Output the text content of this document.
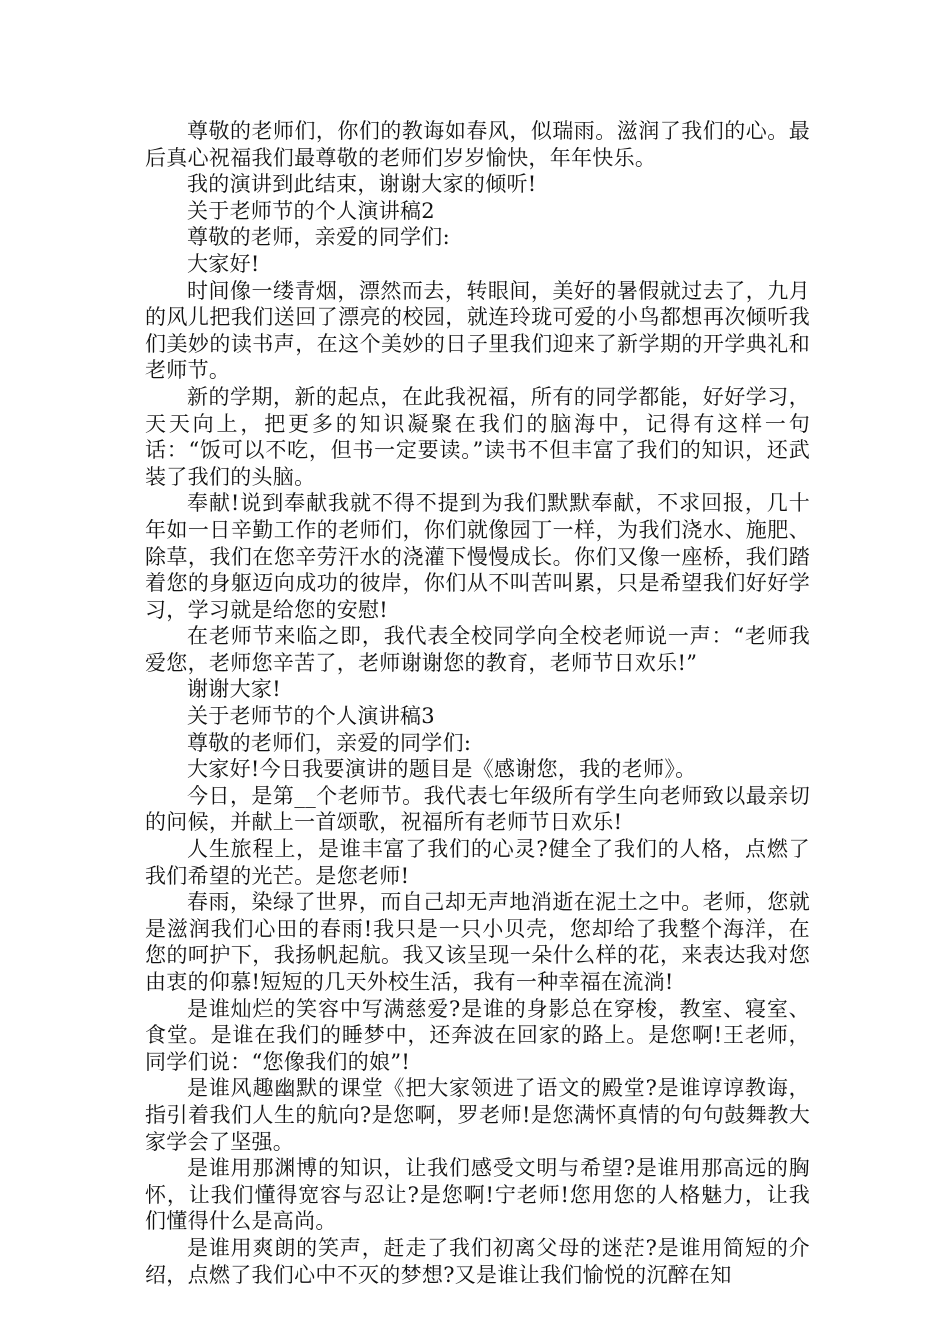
尊敬的老师们，你们的教诲如春风，似瑞雨。滋润了我们的心。最后真心祝福我们最尊敬的老师们岁岁愉快，年年快乐。

我的演讲到此结束，谢谢大家的倾听!

关于老师节的个人演讲稿2

尊敬的老师，亲爱的同学们:

大家好!

时间像一缕青烟，漂然而去，转眼间，美好的暑假就过去了，九月的风儿把我们送回了漂亮的校园，就连玲珑可爱的小鸟都想再次倾听我们美妙的读书声，在这个美妙的日子里我们迎来了新学期的开学典礼和老师节。

新的学期，新的起点，在此我祝福，所有的同学都能，好好学习，天天向上，把更多的知识凝聚在我们的脑海中，记得有这样一句话：“饭可以不吃，但书一定要读。”读书不但丰富了我们的知识，还武装了我们的头脑。

奉献!说到奉献我就不得不提到为我们默默奉献，不求回报，几十年如一日辛勤工作的老师们，你们就像园丁一样，为我们浇水、施肥、除草，我们在您辛劳汗水的浇灌下慢慢成长。你们又像一座桥，我们踏着您的身躯迈向成功的彼岸，你们从不叫苦叫累，只是希望我们好好学习，学习就是给您的安慰!

在老师节来临之即，我代表全校同学向全校老师说一声：“老师我爱您，老师您辛苦了，老师谢谢您的教育，老师节日欢乐!”

谢谢大家!

关于老师节的个人演讲稿3

尊敬的老师们，亲爱的同学们:

大家好!今日我要演讲的题目是《感谢您，我的老师》。

今日，是第__个老师节。我代表七年级所有学生向老师致以最亲切的问候，并献上一首颂歌，祝福所有老师节日欢乐!

人生旅程上，是谁丰富了我们的心灵?健全了我们的人格，点燃了我们希望的光芒。是您老师!

春雨，染绿了世界，而自己却无声地消逝在泥土之中。老师，您就是滋润我们心田的春雨!我只是一只小贝壳，您却给了我整个海洋，在您的呵护下，我扬帆起航。我又该呈现一朵什么样的花，来表达我对您由衷的仰慕!短短的几天外校生活，我有一种幸福在流淌!

是谁灿烂的笑容中写满慈爱?是谁的身影总在穿梭，教室、寝室、食堂。是谁在我们的睡梦中，还奔波在回家的路上。是您啊!王老师，同学们说：“您像我们的娘”!

是谁风趣幽默的课堂《把大家领进了语文的殿堂?是谁谆谆教诲，指引着我们人生的航向?是您啊，罗老师!是您满怀真情的句句鼓舞教大家学会了坚强。

是谁用那渊博的知识，让我们感受文明与希望?是谁用那高远的胸怀，让我们懂得宽容与忍让?是您啊!宁老师!您用您的人格魅力，让我们懂得什么是高尚。

是谁用爽朗的笑声，赶走了我们初离父母的迷茫?是谁用简短的介绍，点燃了我们心中不灭的梦想?又是谁让我们愉悦的沉醉在知
